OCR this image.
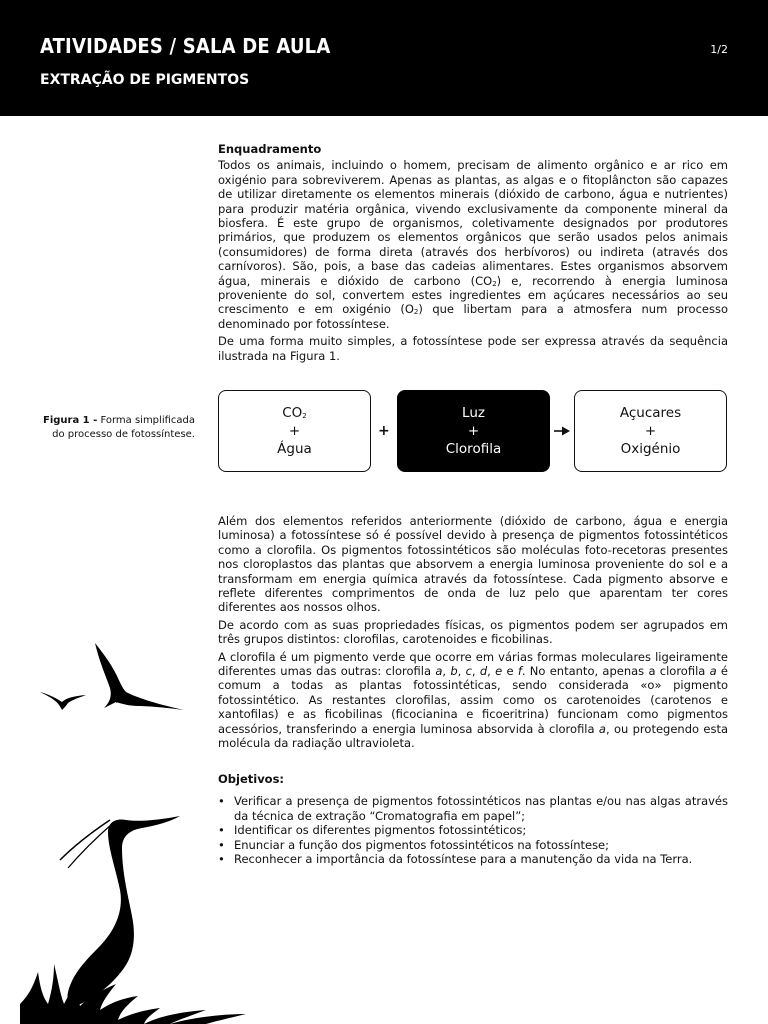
ATIVIDADES / SALA DE AULA
EXTRAÇÃO DE PIGMENTOS
1/2
Enquadramento

Todos os animais, incluindo o homem, precisam de alimento orgânico e ar rico em oxigénio para sobreviverem. Apenas as plantas, as algas e o fitoplâncton são capazes de utilizar diretamente os elementos minerais (dióxido de carbono, água e nutrientes) para produzir matéria orgânica, vivendo exclusivamente da componente mineral da biosfera. É este grupo de organismos, coletivamente designados por produtores primários, que produzem os elementos orgânicos que serão usados pelos animais (consumidores) de forma direta (através dos herbívoros) ou indireta (através dos carnívoros). São, pois, a base das cadeias alimentares. Estes organismos absorvem água, minerais e dióxido de carbono $(CO_2)$ e, recorrendo à energia luminosa proveniente do sol, convertem estes ingredientes em açúcares necessários ao seu crescimento e em oxigénio $(O_2)$ que libertam para a atmosfera num processo denominado por fotossíntese.

De uma forma muito simples, a fotossíntese pode ser expressa através da sequência ilustrada na Figura 1.

Figura 1 - Forma simplificada do processo de fotossíntese.
$CO_2$
+
Água
+
Luz
+
Clorofila
Açucares
+
Oxigénio

Além dos elementos referidos anteriormente (dióxido de carbono, água e energia luminosa) a fotossíntese só é possível devido à presença de pigmentos fotossintéticos como a clorofila. Os pigmentos fotossintéticos são moléculas foto-recetoras presentes nos cloroplastos das plantas que absorvem a energia luminosa proveniente do sol e a transformam em energia química através da fotossíntese. Cada pigmento absorve e reflete diferentes comprimentos de onda de luz pelo que aparentam ter cores diferentes aos nossos olhos.

De acordo com as suas propriedades físicas, os pigmentos podem ser agrupados em três grupos distintos: clorofilas, carotenoides e ficobilinas.

A clorofila é um pigmento verde que ocorre em várias formas moleculares ligeiramente diferentes umas das outras: clorofila a, b, c, d, e e f. No entanto, apenas a clorofila a é comum a todas as plantas fotossintéticas, sendo considerada «o» pigmento fotossintético. As restantes clorofilas, assim como os carotenoides (carotenos e xantofilas) e as ficobilinas (ficocianina e ficoeritrina) funcionam como pigmentos acessórios, transferindo a energia luminosa absorvida à clorofila a, ou protegendo esta molécula da radiação ultravioleta.

Objetivos:
• Verificar a presença de pigmentos fotossintéticos nas plantas e/ou nas algas através da técnica de extração “Cromatografia em papel”;
• Identificar os diferentes pigmentos fotossintéticos;
• Enunciar a função dos pigmentos fotossintéticos na fotossíntese;
• Reconhecer a importância da fotossíntese para a manutenção da vida na Terra.
